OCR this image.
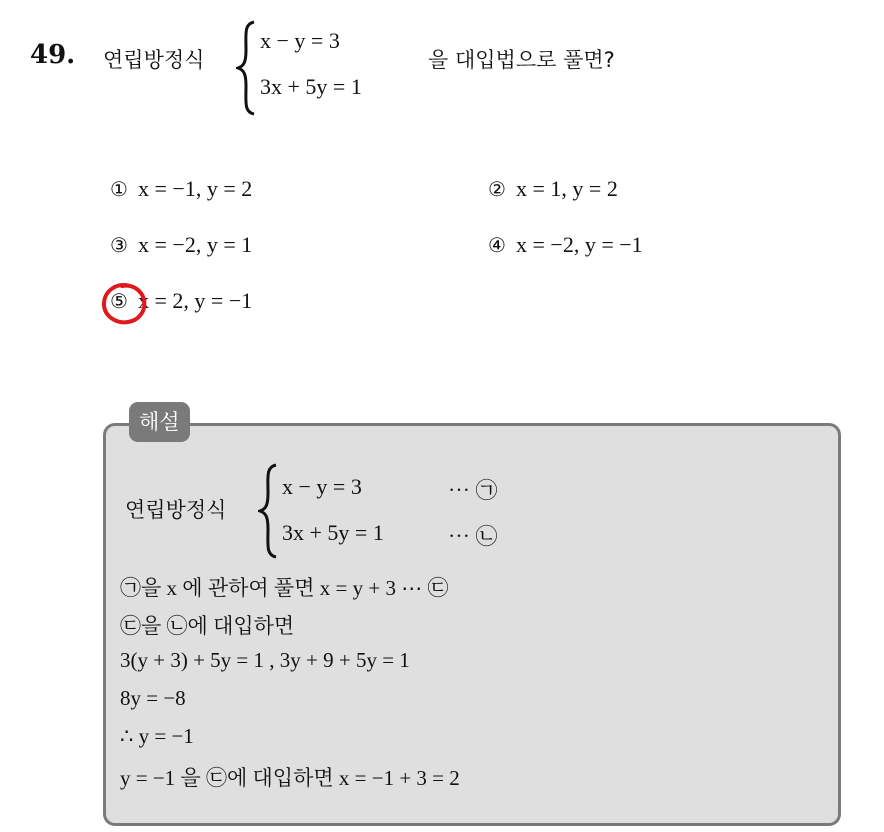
49. 연립방정식
x − y = 3
3x + 5y = 1
을 대입법으로 풀면?
① x = −1, y = 2	② x = 1, y = 2
③ x = −2, y = 1	④ x = −2, y = −1
⑤ x = 2, y = −1
해설
연립방정식
x − y = 3
3x + 5y = 1
⋯ ㉠
⋯ ㉡
㉠을 x 에 관하여 풀면 x = y + 3 ⋯ ㉢
㉢을 ㉡에 대입하면
3(y + 3) + 5y = 1 , 3y + 9 + 5y = 1
8y = −8
∴ y = −1
y = −1 을 ㉢에 대입하면 x = −1 + 3 = 2
